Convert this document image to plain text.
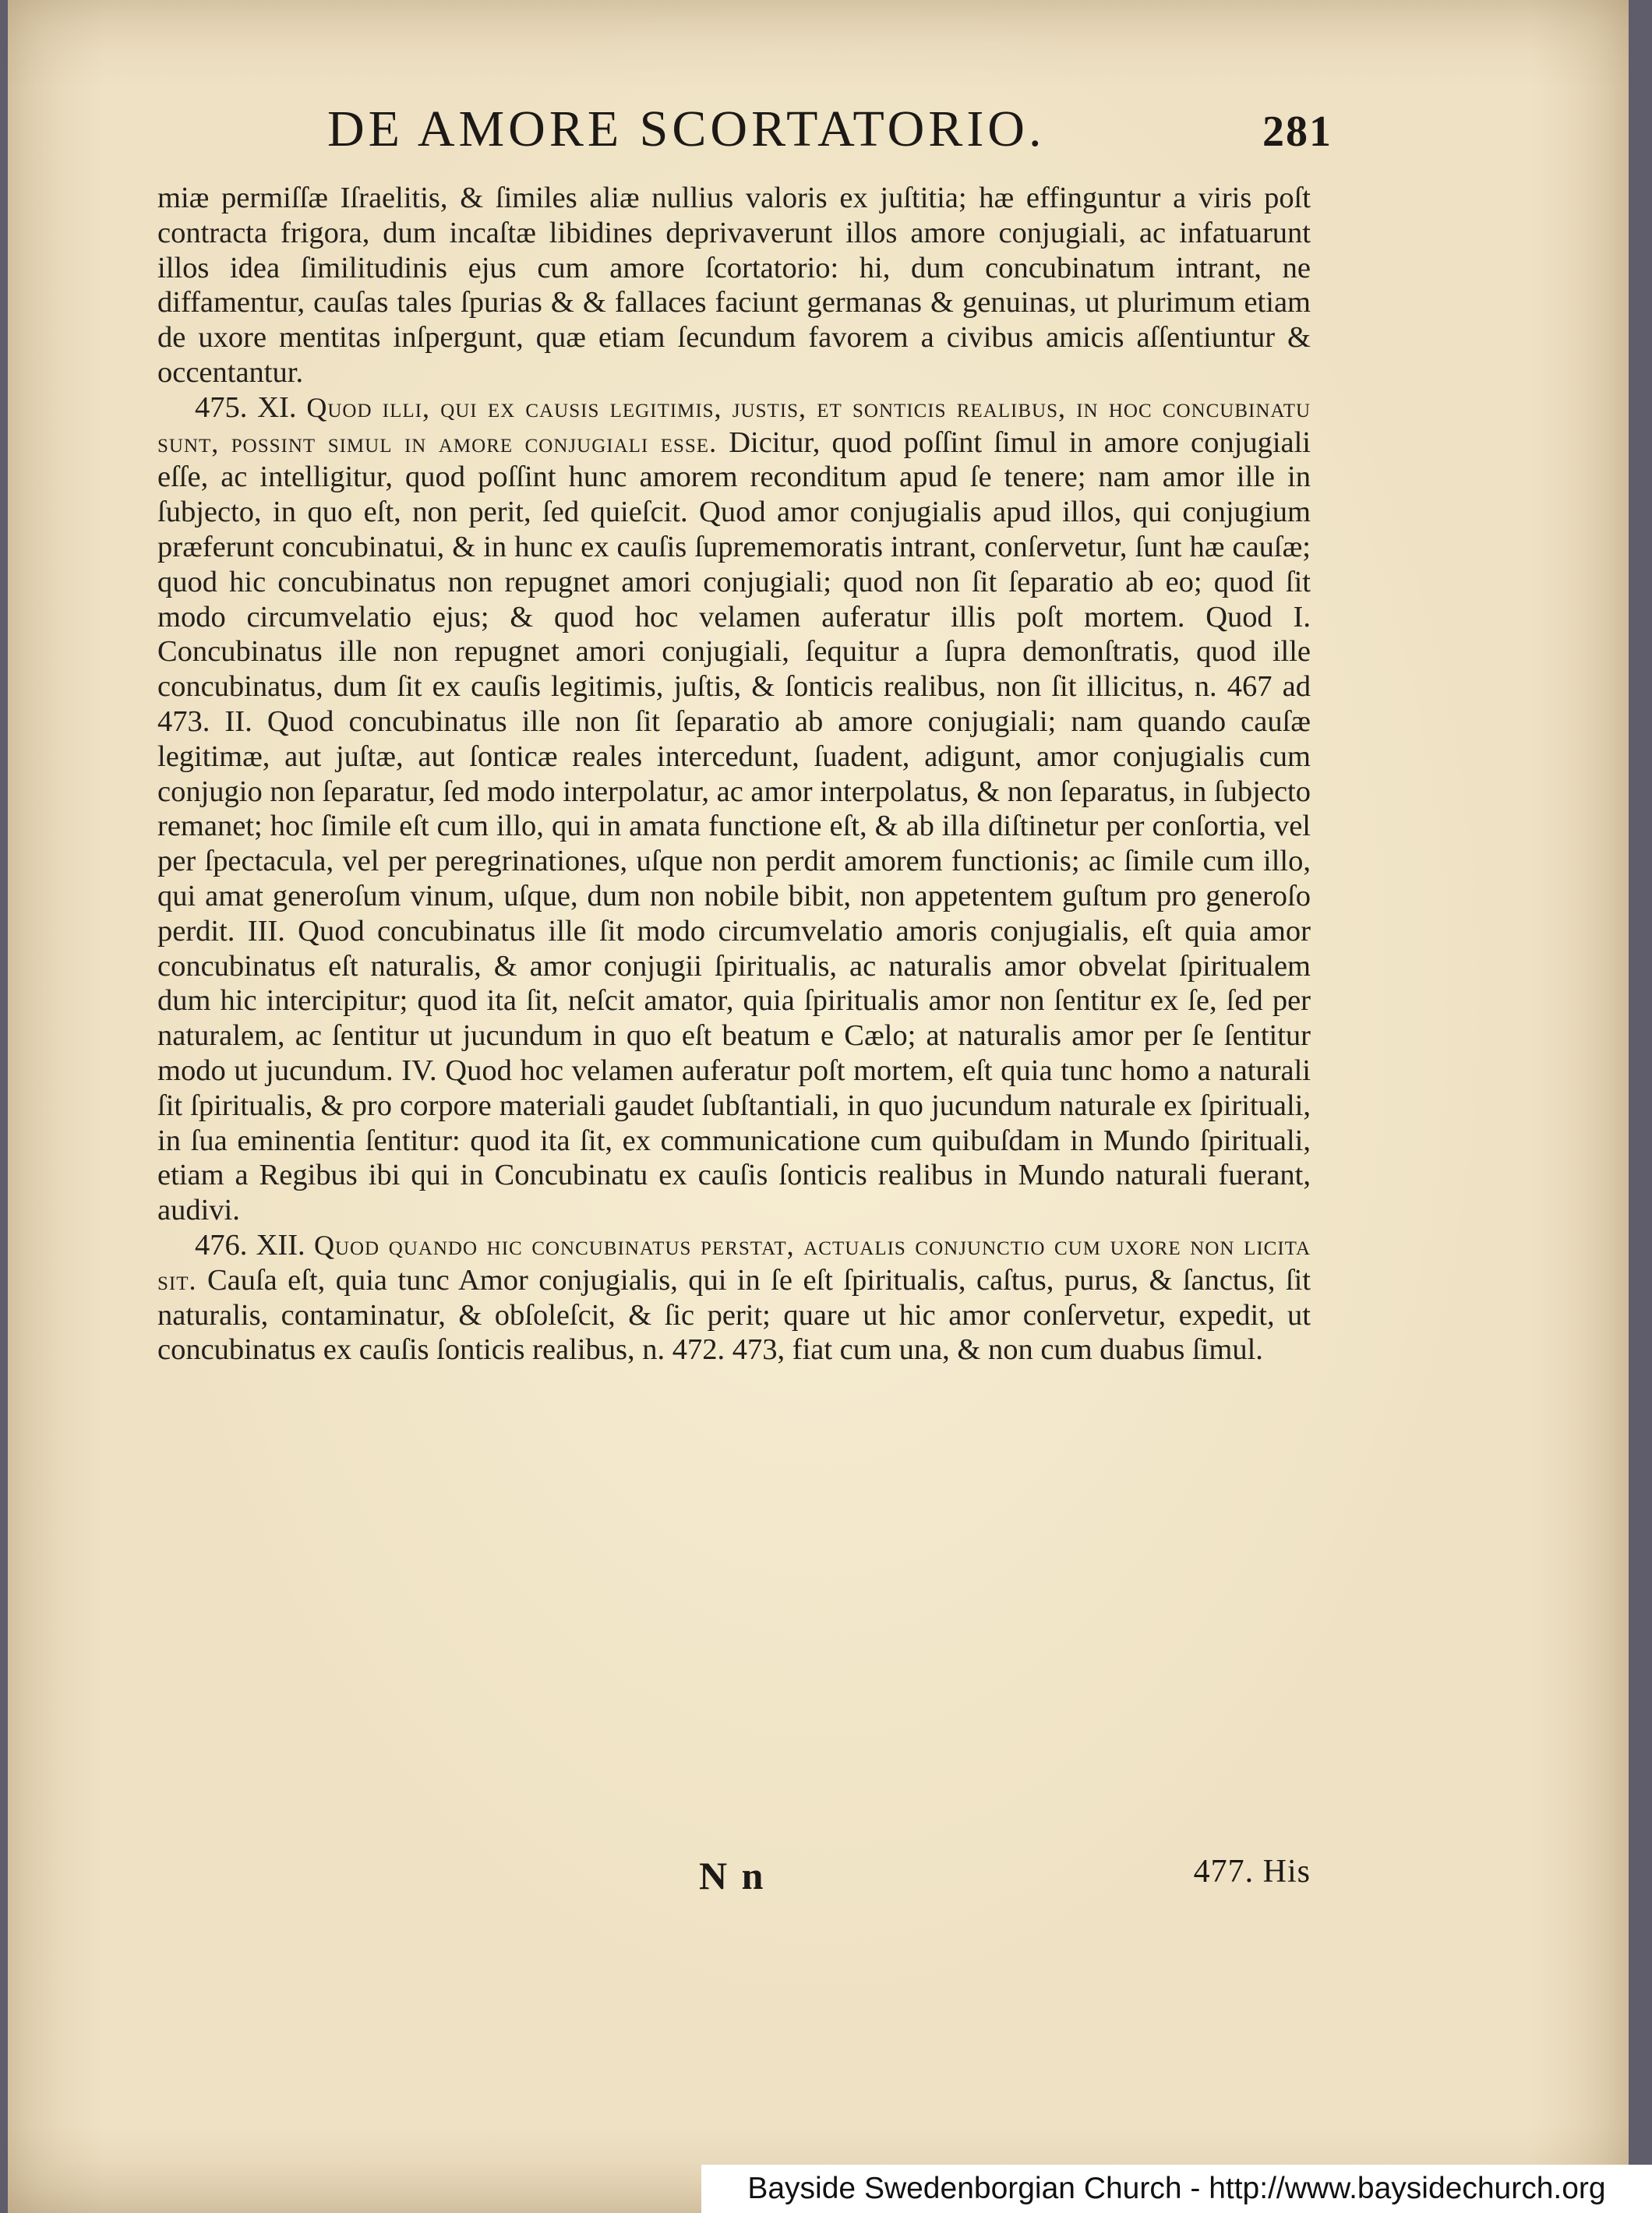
DE AMORE SCORTATORIO.	281

miæ permiſſæ Iſraelitis, & ſimiles aliæ nullius valoris ex juſtitia; hæ effinguntur a viris poſt contracta frigora, dum incaſtæ libidines deprivaverunt illos amore conjugiali, ac infatuarunt illos idea ſimilitudinis ejus cum amore ſcortatorio: hi, dum concubinatum intrant, ne diffamentur, cauſas tales ſpurias & & fallaces faciunt germanas & genuinas, ut plurimum etiam de uxore mentitas inſpergunt, quæ etiam ſecundum favorem a civibus amicis aſſentiuntur & occentantur.

475. XI. Quod illi, qui ex causis legitimis, justis, et sonticis realibus, in hoc concubinatu sunt, possint simul in amore conjugiali esse. Dicitur, quod poſſint ſimul in amore conjugiali eſſe, ac intelligitur, quod poſſint hunc amorem reconditum apud ſe tenere; nam amor ille in ſubjecto, in quo eſt, non perit, ſed quieſcit. Quod amor conjugialis apud illos, qui conjugium præferunt concubinatui, & in hunc ex cauſis ſuprememoratis intrant, conſervetur, ſunt hæ cauſæ; quod hic concubinatus non repugnet amori conjugiali; quod non ſit ſeparatio ab eo; quod ſit modo circumvelatio ejus; & quod hoc velamen auferatur illis poſt mortem. Quod I. Concubinatus ille non repugnet amori conjugiali, ſequitur a ſupra demonſtratis, quod ille concubinatus, dum ſit ex cauſis legitimis, juſtis, & ſonticis realibus, non ſit illicitus, n. 467 ad 473. II. Quod concubinatus ille non ſit ſeparatio ab amore conjugiali; nam quando cauſæ legitimæ, aut juſtæ, aut ſonticæ reales intercedunt, ſuadent, adigunt, amor conjugialis cum conjugio non ſeparatur, ſed modo interpolatur, ac amor interpolatus, & non ſeparatus, in ſubjecto remanet; hoc ſimile eſt cum illo, qui in amata functione eſt, & ab illa diſtinetur per conſortia, vel per ſpectacula, vel per peregrinationes, uſque non perdit amorem functionis; ac ſimile cum illo, qui amat generoſum vinum, uſque, dum non nobile bibit, non appetentem guſtum pro generoſo perdit. III. Quod concubinatus ille ſit modo circumvelatio amoris conjugialis, eſt quia amor concubinatus eſt naturalis, & amor conjugii ſpiritualis, ac naturalis amor obvelat ſpiritualem dum hic intercipitur; quod ita ſit, neſcit amator, quia ſpiritualis amor non ſentitur ex ſe, ſed per naturalem, ac ſentitur ut jucundum in quo eſt beatum e Cælo; at naturalis amor per ſe ſentitur modo ut jucundum. IV. Quod hoc velamen auferatur poſt mortem, eſt quia tunc homo a naturali ſit ſpiritualis, & pro corpore materiali gaudet ſubſtantiali, in quo jucundum naturale ex ſpirituali, in ſua eminentia ſentitur: quod ita ſit, ex communicatione cum quibuſdam in Mundo ſpirituali, etiam a Regibus ibi qui in Concubinatu ex cauſis ſonticis realibus in Mundo naturali fuerant, audivi.

476. XII. Quod quando hic concubinatus perstat, actualis conjunctio cum uxore non licita sit. Cauſa eſt, quia tunc Amor conjugialis, qui in ſe eſt ſpiritualis, caſtus, purus, & ſanctus, ſit naturalis, contaminatur, & obſoleſcit, & ſic perit; quare ut hic amor conſervetur, expedit, ut concubinatus ex cauſis ſonticis realibus, n. 472. 473, fiat cum una, & non cum duabus ſimul.

N n	477. His
Bayside Swedenborgian Church - http://www.baysidechurch.org
